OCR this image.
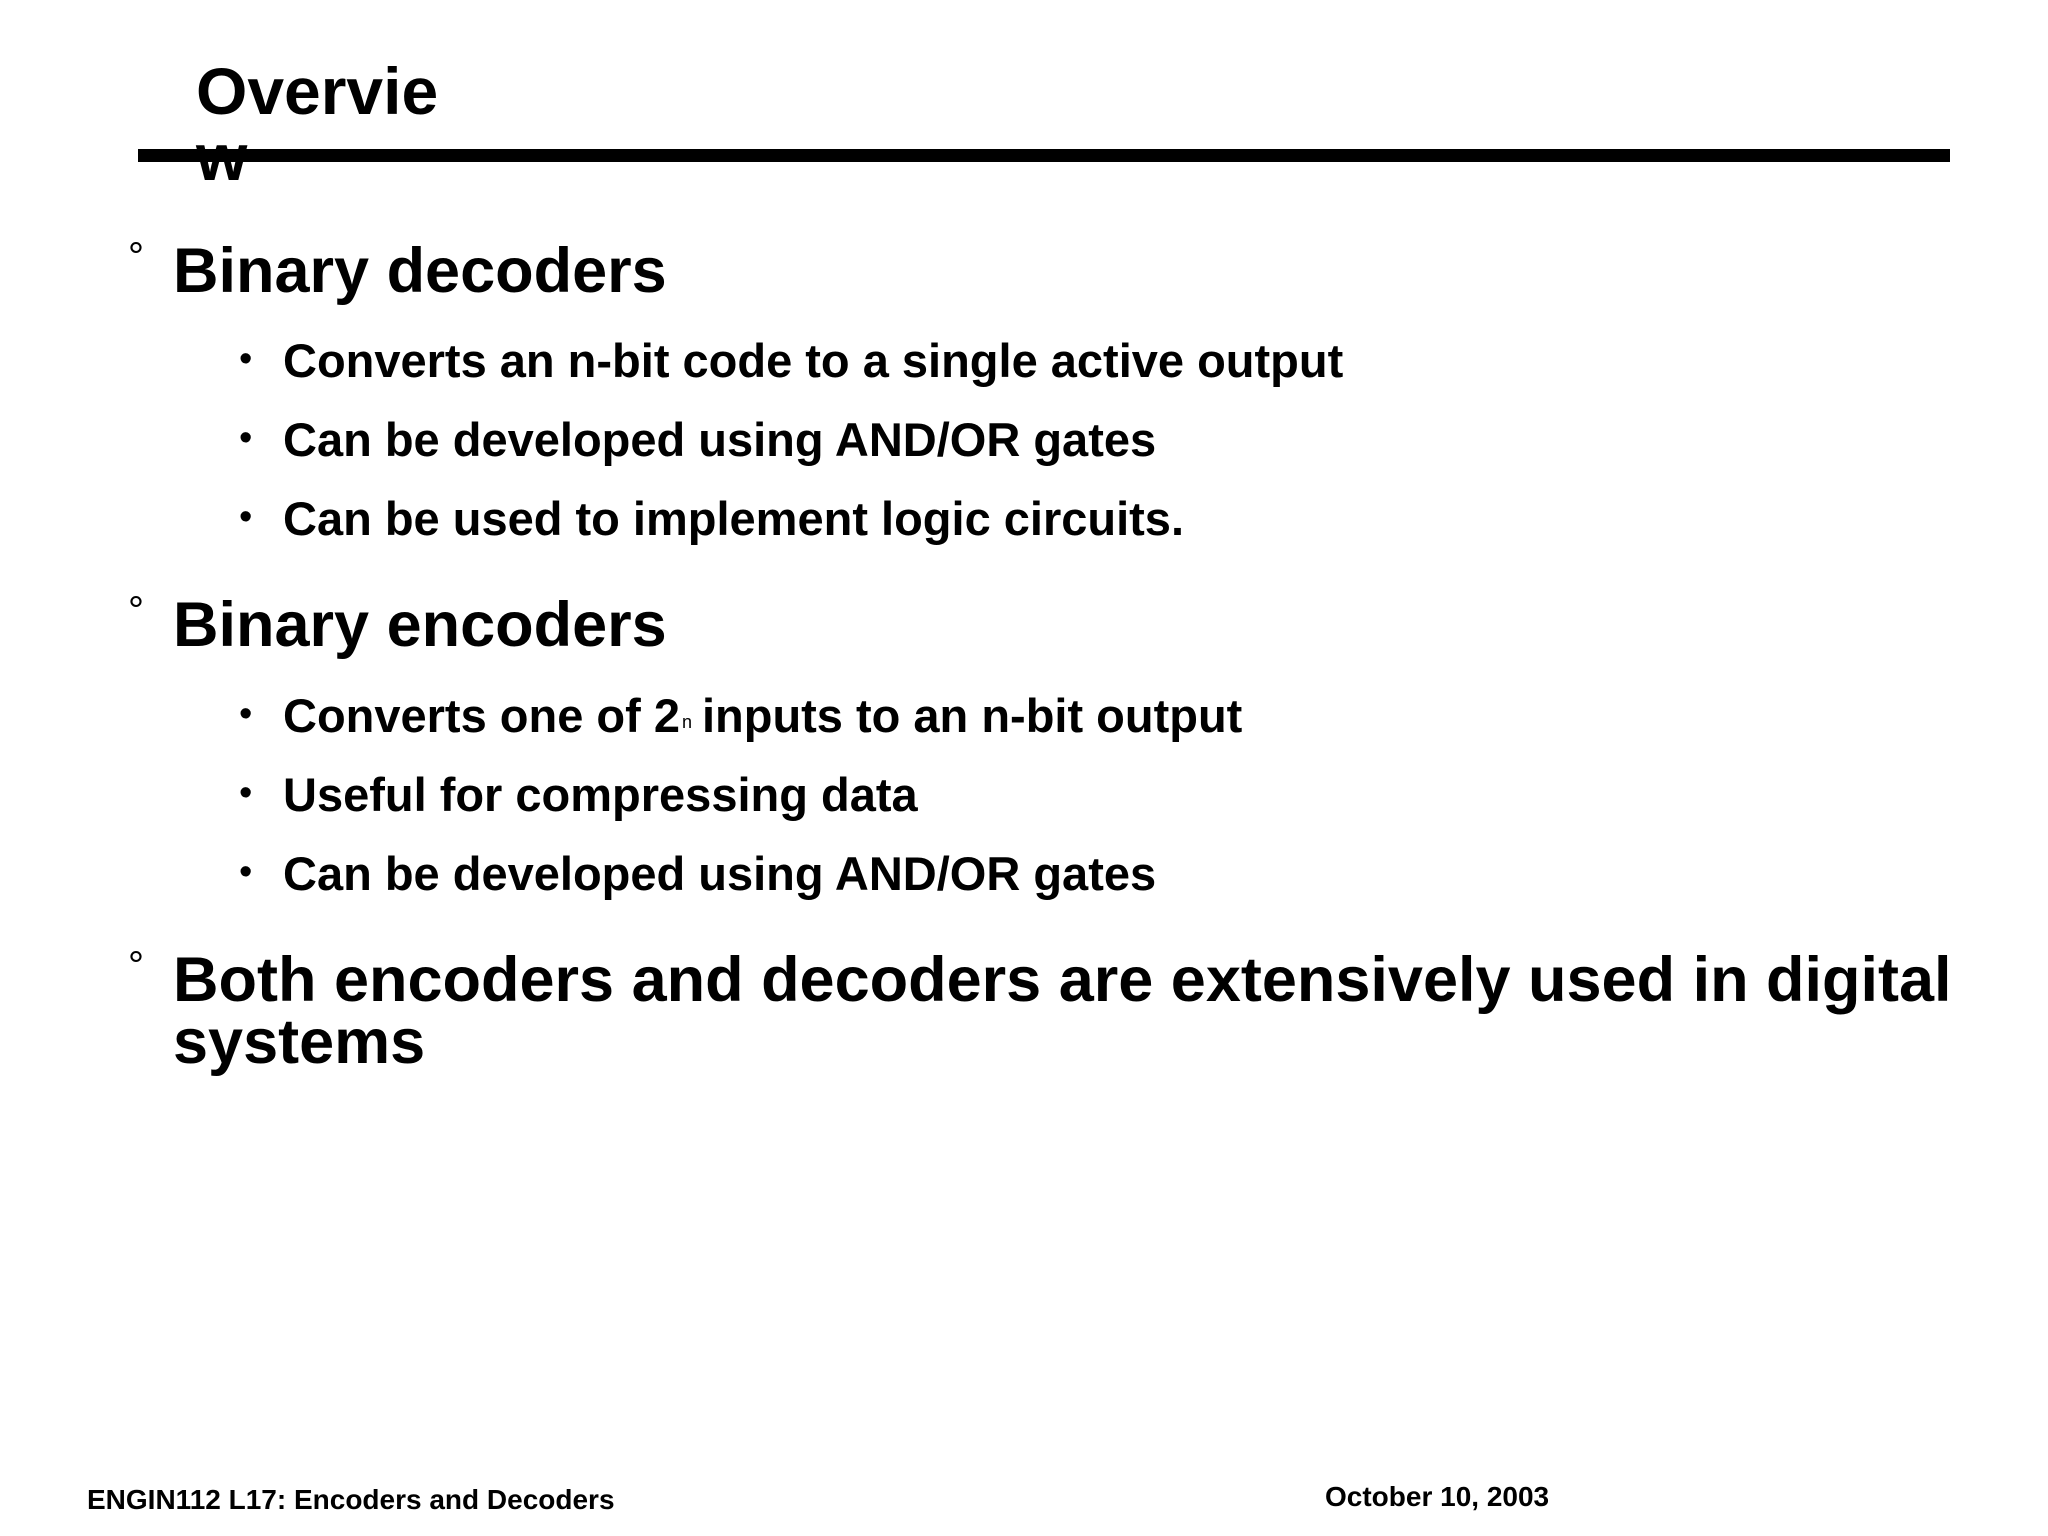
Overview
° Binary decoders
• Converts an n-bit code to a single active output
• Can be developed using AND/OR gates
• Can be used to implement logic circuits.
° Binary encoders
• Converts one of 2 $^n$ inputs to an n-bit output
• Useful for compressing data
• Can be developed using AND/OR gates
° Both encoders and decoders are extensively used in digital systems
ENGIN112 L17: Encoders and Decoders	October 10, 2003
